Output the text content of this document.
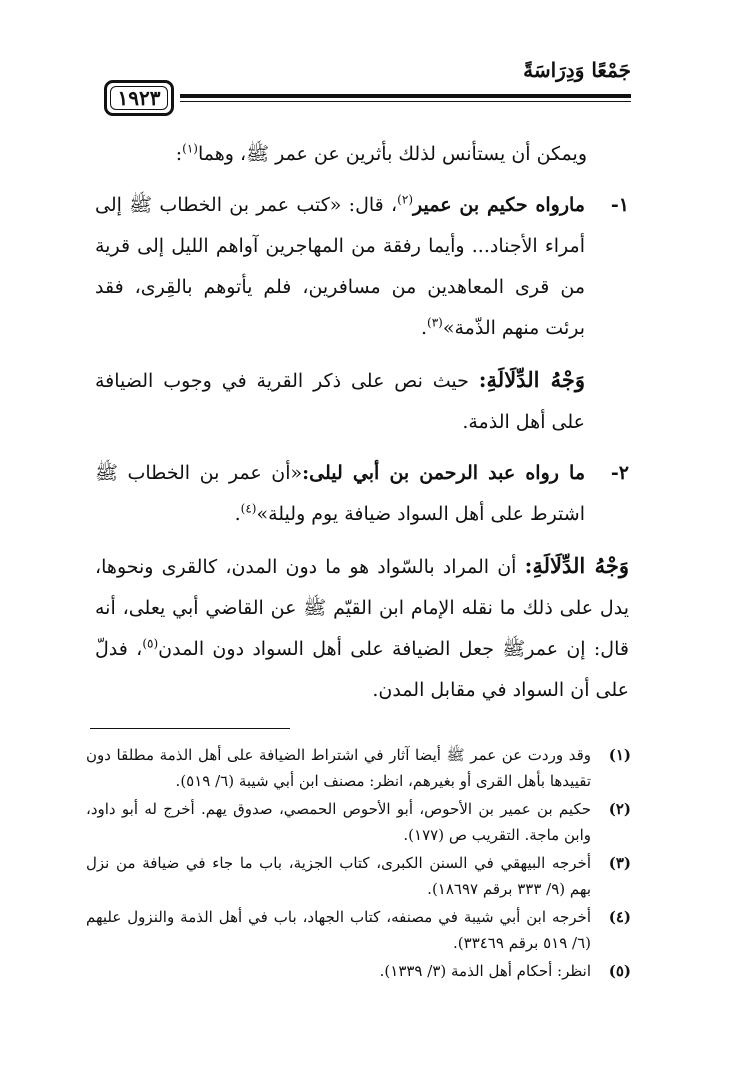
جَمْعًا وَدِرَاسَةً
١٩٢٣

ويمكن أن يستأنس لذلك بأثرين عن عمر ﷺ، وهما$^{(١)}$:

١-
مارواه حكيم بن عمير$^{(٢)}$، قال: «كتب عمر بن الخطاب ﷺ إلى أمراء الأجناد... وأيما رفقة من المهاجرين آواهم الليل إلى قرية من قرى المعاهدين من مسافرين، فلم يأتوهم بالقِرى، فقد برئت منهم الذّمة»$^{(٣)}$.

وَجْهُ الدِّلَالَةِ: حيث نص على ذكر القرية في وجوب الضيافة على أهل الذمة.

٢-
ما رواه عبد الرحمن بن أبي ليلى:«أن عمر بن الخطاب ﷺ اشترط على أهل السواد ضيافة يوم وليلة»$^{(٤)}$.

وَجْهُ الدِّلَالَةِ: أن المراد بالسّواد هو ما دون المدن، كالقرى ونحوها، يدل على ذلك ما نقله الإمام ابن القيّم ﷺ عن القاضي أبي يعلى، أنه قال: إن عمرﷺ جعل الضيافة على أهل السواد دون المدن$^{(٥)}$، فدلّ على أن السواد في مقابل المدن.

(١)
وقد وردت عن عمر ﷺ أيضا آثار في اشتراط الضيافة على أهل الذمة مطلقا دون تقييدها بأهل القرى أو بغيرهم، انظر: مصنف ابن أبي شيبة (٦/ ٥١٩).
(٢)
حكيم بن عمير بن الأحوص، أبو الأحوص الحمصي، صدوق يهم. أخرج له أبو داود، وابن ماجة. التقريب ص (١٧٧).
(٣)
أخرجه البيهقي في السنن الكبرى، كتاب الجزية، باب ما جاء في ضيافة من نزل بهم (٩/ ٣٣٣ برقم ١٨٦٩٧).
(٤)
أخرجه ابن أبي شيبة في مصنفه، كتاب الجهاد، باب في أهل الذمة والنزول عليهم (٦/ ٥١٩ برقم ٣٣٤٦٩).
(٥)
انظر: أحكام أهل الذمة (٣/ ١٣٣٩).
